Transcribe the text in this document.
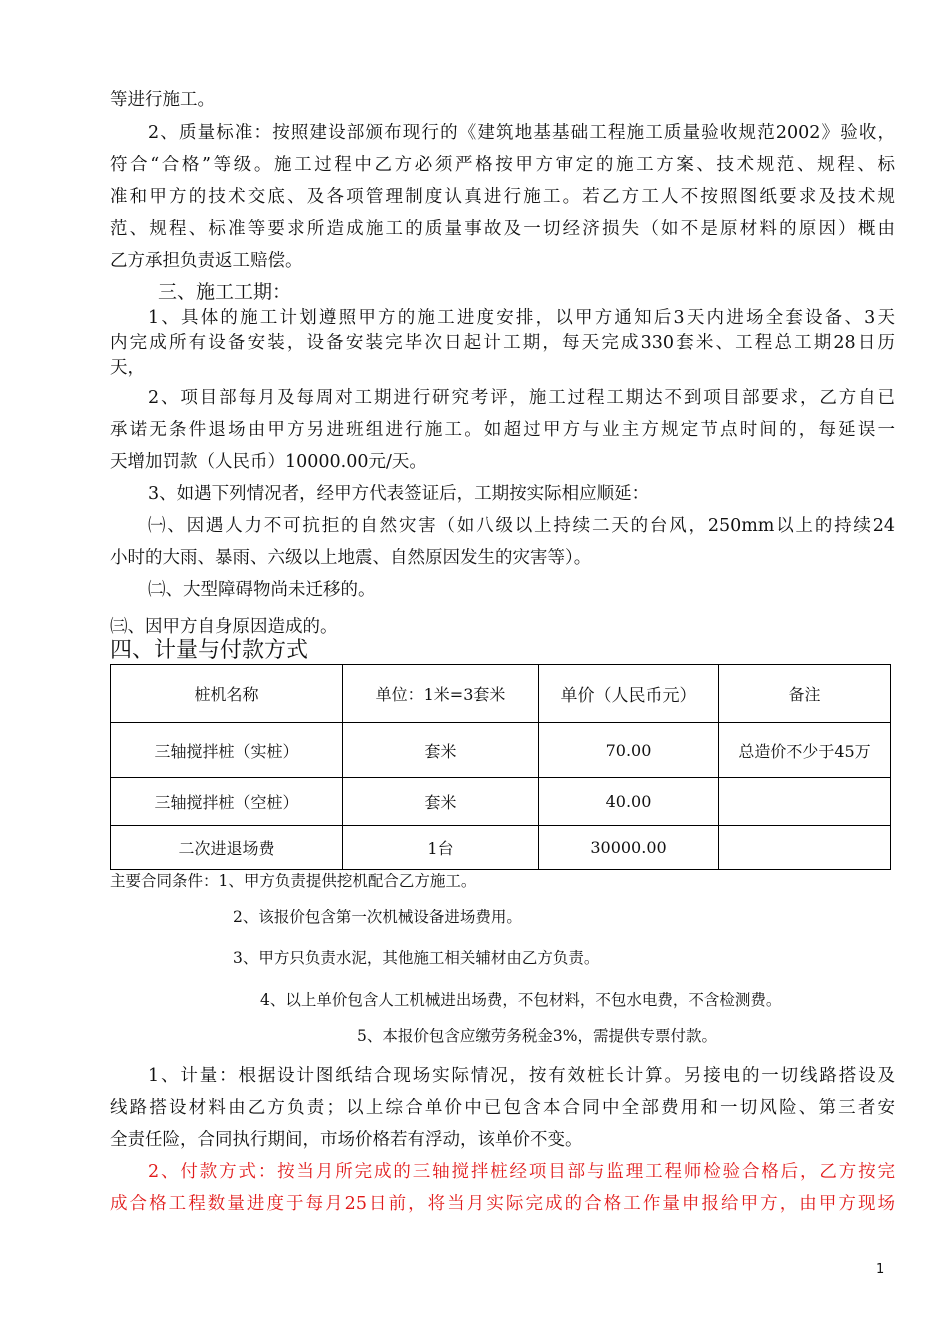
等进行施工。
2、质量标准：按照建设部颁布现行的《建筑地基基础工程施工质量验收规范2002》验收，
符合“合格”等级。施工过程中乙方必须严格按甲方审定的施工方案、技术规范、规程、标
准和甲方的技术交底、及各项管理制度认真进行施工。若乙方工人不按照图纸要求及技术规
范、规程、标准等要求所造成施工的质量事故及一切经济损失（如不是原材料的原因）概由
乙方承担负责返工赔偿。
三、施工工期：
1、具体的施工计划遵照甲方的施工进度安排，以甲方通知后3天内进场全套设备、3天
内完成所有设备安装，设备安装完毕次日起计工期，每天完成330套米、工程总工期28日历
天，
2、项目部每月及每周对工期进行研究考评，施工过程工期达不到项目部要求，乙方自已
承诺无条件退场由甲方另进班组进行施工。如超过甲方与业主方规定节点时间的，每延误一
天增加罚款（人民币）10000.00元/天。
3、如遇下列情况者，经甲方代表签证后，工期按实际相应顺延：
㈠、因遇人力不可抗拒的自然灾害（如八级以上持续二天的台风，250mm以上的持续24
小时的大雨、暴雨、六级以上地震、自然原因发生的灾害等）。
㈡、大型障碍物尚未迁移的。
㈢、因甲方自身原因造成的。
四、计量与付款方式
桩机名称	单位：1米=3套米	单价（人民币元）	备注
三轴搅拌桩（实桩）	套米	70.00	总造价不少于45万
三轴搅拌桩（空桩）	套米	40.00	
二次进退场费	1台	30000.00	
主要合同条件：1、甲方负责提供挖机配合乙方施工。
2、该报价包含第一次机械设备进场费用。
3、甲方只负责水泥，其他施工相关辅材由乙方负责。
4、以上单价包含人工机械进出场费，不包材料，不包水电费，不含检测费。
5、本报价包含应缴劳务税金3%，需提供专票付款。
1、计量：根据设计图纸结合现场实际情况，按有效桩长计算。另接电的一切线路搭设及
线路搭设材料由乙方负责；以上综合单价中已包含本合同中全部费用和一切风险、第三者安
全责任险，合同执行期间，市场价格若有浮动，该单价不变。
2、付款方式：按当月所完成的三轴搅拌桩经项目部与监理工程师检验合格后，乙方按完
成合格工程数量进度于每月25日前，将当月实际完成的合格工作量申报给甲方，由甲方现场
1
